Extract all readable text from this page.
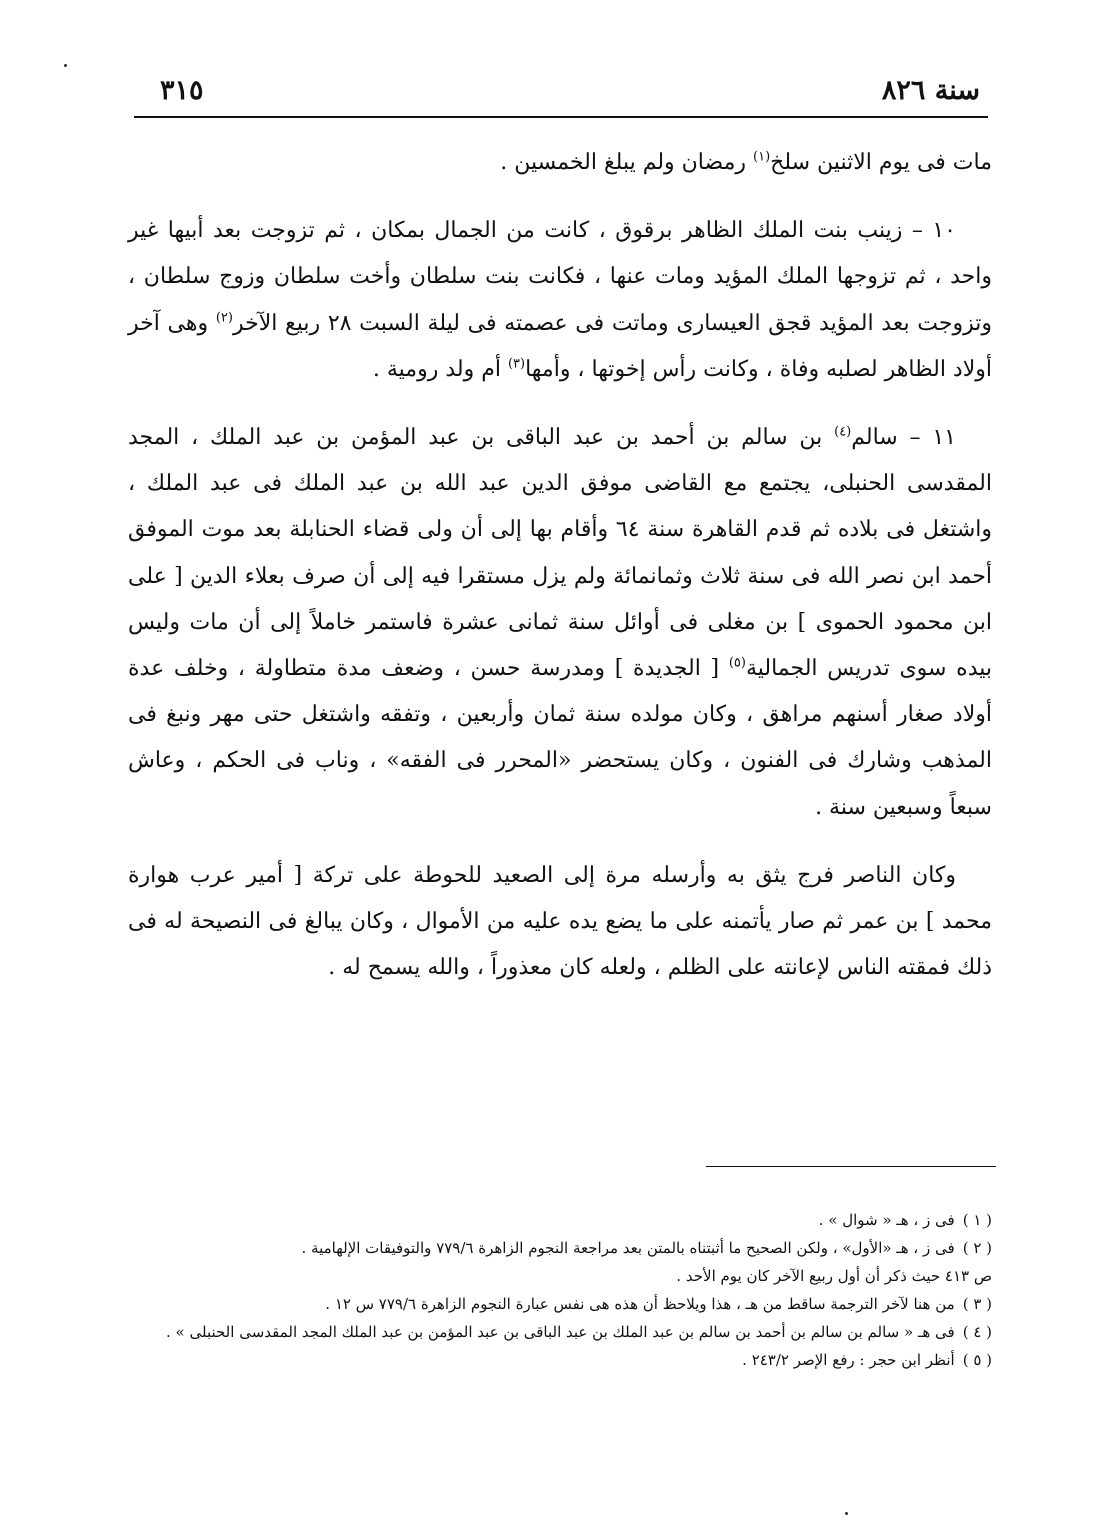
سنة ٨٢٦
٣١٥

مات فى يوم الاثنين سلخ$^{(١)}$ رمضان ولم يبلغ الخمسين .

١٠ – زينب بنت الملك الظاهر برقوق ، كانت من الجمال بمكان ، ثم تزوجت بعد أبيها غير واحد ، ثم تزوجها الملك المؤيد ومات عنها ، فكانت بنت سلطان وأخت سلطان وزوج سلطان ، وتزوجت بعد المؤيد قجق العيسارى وماتت فى عصمته فى ليلة السبت ٢٨ ربيع الآخر$^{(٢)}$ وهى آخر أولاد الظاهر لصلبه وفاة ، وكانت رأس إخوتها ، وأمها$^{(٣)}$ أم ولد رومية .

١١ – سالم$^{(٤)}$ بن سالم بن أحمد بن عبد الباقى بن عبد المؤمن بن عبد الملك ، المجد المقدسى الحنبلى، يجتمع مع القاضى موفق الدين عبد الله بن عبد الملك فى عبد الملك ، واشتغل فى بلاده ثم قدم القاهرة سنة ٦٤ وأقام بها إلى أن ولى قضاء الحنابلة بعد موت الموفق أحمد ابن نصر الله فى سنة ثلاث وثمانمائة ولم يزل مستقرا فيه إلى أن صرف بعلاء الدين [ على ابن محمود الحموى ] بن مغلى فى أوائل سنة ثمانى عشرة فاستمر خاملاً إلى أن مات وليس بيده سوى تدريس الجمالية$^{(٥)}$ [ الجديدة ] ومدرسة حسن ، وضعف مدة متطاولة ، وخلف عدة أولاد صغار أسنهم مراهق ، وكان مولده سنة ثمان وأربعين ، وتفقه واشتغل حتى مهر ونبغ فى المذهب وشارك فى الفنون ، وكان يستحضر «المحرر فى الفقه» ، وناب فى الحكم ، وعاش سبعاً وسبعين سنة .

وكان الناصر فرج يثق به وأرسله مرة إلى الصعيد للحوطة على تركة [ أمير عرب هوارة محمد ] بن عمر ثم صار يأتمنه على ما يضع يده عليه من الأموال ، وكان يبالغ فى النصيحة له فى ذلك فمقته الناس لإعانته على الظلم ، ولعله كان معذوراً ، والله يسمح له .

( ١ )فى ز ، هـ « شوال » .

( ٢ )فى ز ، هـ «الأول» ، ولكن الصحيح ما أثبتناه بالمتن بعد مراجعة النجوم الزاهرة ٧٧٩/٦ والتوفيقات الإلهامية .

ص ٤١٣ حيث ذكر أن أول ربيع الآخر كان يوم الأحد .

( ٣ )من هنا لآخر الترجمة ساقط من هـ ، هذا ويلاحظ أن هذه هى نفس عبارة النجوم الزاهرة ٧٧٩/٦ س ١٢ .

( ٤ )فى هـ « سالم بن سالم بن أحمد بن سالم بن عبد الملك بن عبد الباقى بن عبد المؤمن بن عبد الملك المجد المقدسى الحنبلى » .

( ٥ )أنظر ابن حجر : رفع الإصر ٢٤٣/٢ .
